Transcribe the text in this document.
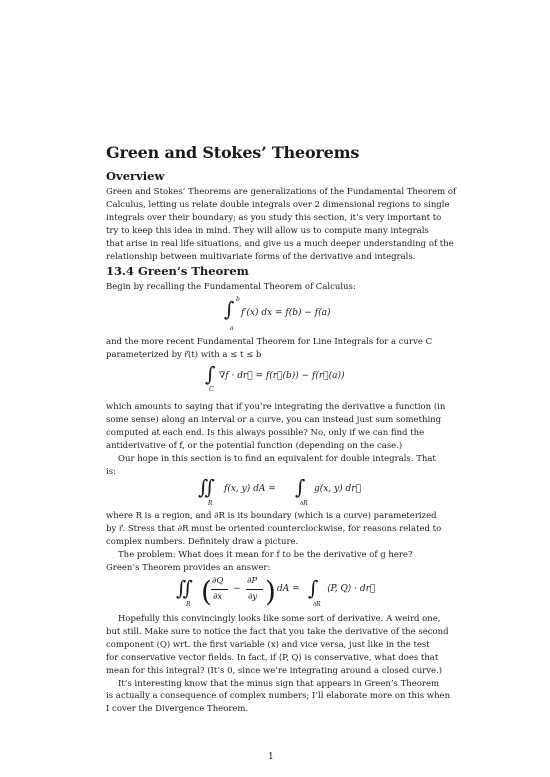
Green and Stokes’ Theorems
Overview
Green and Stokes’ Theorems are generalizations of the Fundamental Theorem of
Calculus, letting us relate double integrals over 2 dimensional regions to single
integrals over their boundary; as you study this section, it’s very important to
try to keep this idea in mind. They will allow us to compute many integrals
that arise in real life situations, and give us a much deeper understanding of the
relationship between multivariate forms of the derivative and integrals.
13.4 Green’s Theorem
Begin by recalling the Fundamental Theorem of Calculus:
∫ b
a
f′(x) dx = f(b) − f(a)
and the more recent Fundamental Theorem for Line Integrals for a curve C
parameterized by r⃗(t) with a ≤ t ≤ b
∫
C
∇f · dr⃗ = f(r⃗(b)) − f(r⃗(a))
which amounts to saying that if you’re integrating the derivative a function (in
some sense) along an interval or a curve, you can instead just sum something
computed at each end. Is this always possible? No, only if we can find the
antiderivative of f, or the potential function (depending on the case.)
Our hope in this section is to find an equivalent for double integrals. That
is:
∬
R
f(x, y) dA = ∫
∂R
g(x, y) dr⃗
where R is a region, and ∂R is its boundary (which is a curve) parameterized
by r⃗. Stress that ∂R must be oriented counterclockwise, for reasons related to
complex numbers. Definitely draw a picture.
The problem: What does it mean for f to be the derivative of g here?
Green’s Theorem provides an answer:
∬
R ( ∂Q
∂x
−
∂P
∂y ) dA = ∫
∂R
⟨P, Q⟩ · dr⃗
Hopefully this convincingly looks like some sort of derivative. A weird one,
but still. Make sure to notice the fact that you take the derivative of the second
component (Q) wrt. the first variable (x) and vice versa, just like in the test
for conservative vector fields. In fact, if ⟨P, Q⟩ is conservative, what does that
mean for this integral? (It’s 0, since we’re integrating around a closed curve.)
It’s interesting know that the minus sign that appears in Green’s Theorem
is actually a consequence of complex numbers; I’ll elaborate more on this when
I cover the Divergence Theorem.
1
